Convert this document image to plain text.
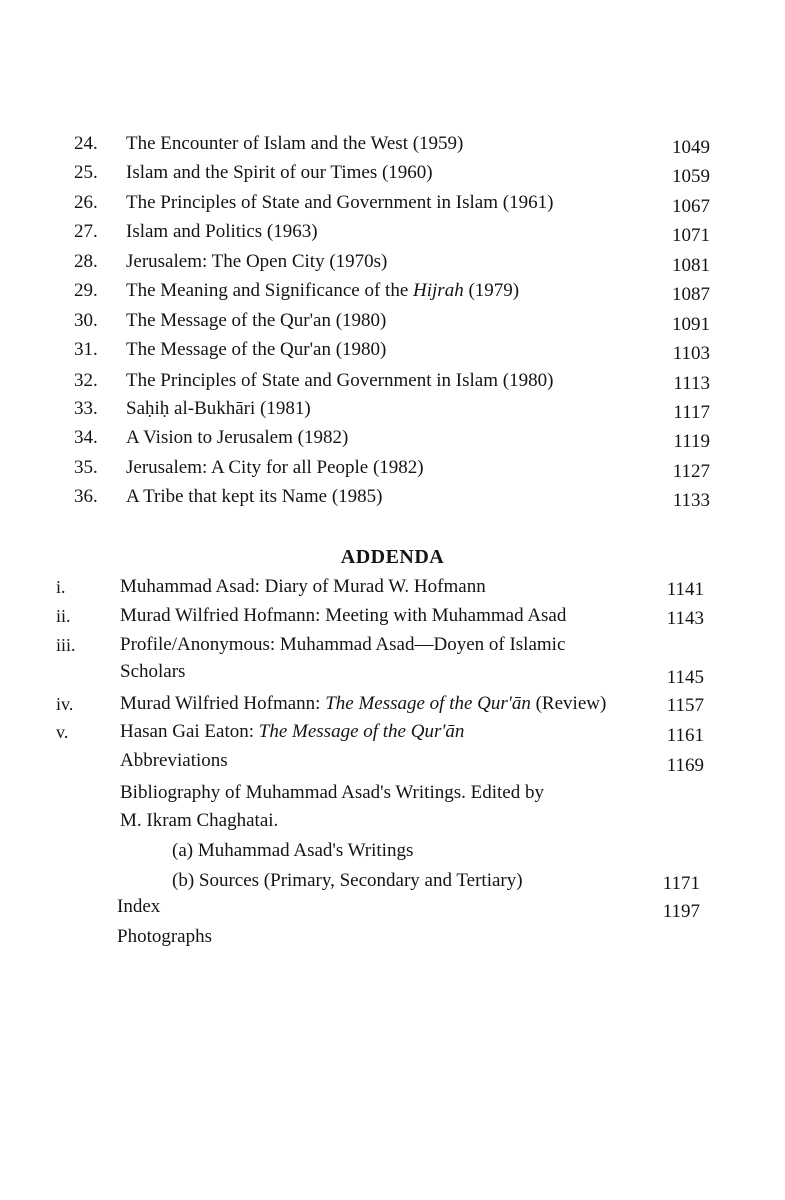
24. The Encounter of Islam and the West (1959)	1049
25. Islam and the Spirit of our Times (1960)	1059
26. The Principles of State and Government in Islam (1961)	1067
27. Islam and Politics (1963)	1071
28. Jerusalem: The Open City (1970s)	1081
29. The Meaning and Significance of the Hijrah (1979)	1087
30. The Message of the Qur'an (1980)	1091
31. The Message of the Qur'an (1980)	1103
32. The Principles of State and Government in Islam (1980)	1113
33. Saḥiḥ al-Bukhāri (1981)	1117
34. A Vision to Jerusalem (1982)	1119
35. Jerusalem: A City for all People (1982)	1127
36. A Tribe that kept its Name (1985)	1133
ADDENDA
i.	Muhammad Asad: Diary of Murad W. Hofmann	1141
ii.	Murad Wilfried Hofmann: Meeting with Muhammad Asad	1143
iii. Profile/Anonymous: Muhammad Asad—Doyen of Islamic
Scholars	1145
iv. Murad Wilfried Hofmann: The Message of the Qur'ān (Review)	1157
v.	Hasan Gai Eaton: The Message of the Qur'ān	1161
Abbreviations	1169
Bibliography of Muhammad Asad's Writings. Edited by
M. Ikram Chaghatai.
(a) Muhammad Asad's Writings
(b) Sources (Primary, Secondary and Tertiary)	1171
Index	1197
Photographs
